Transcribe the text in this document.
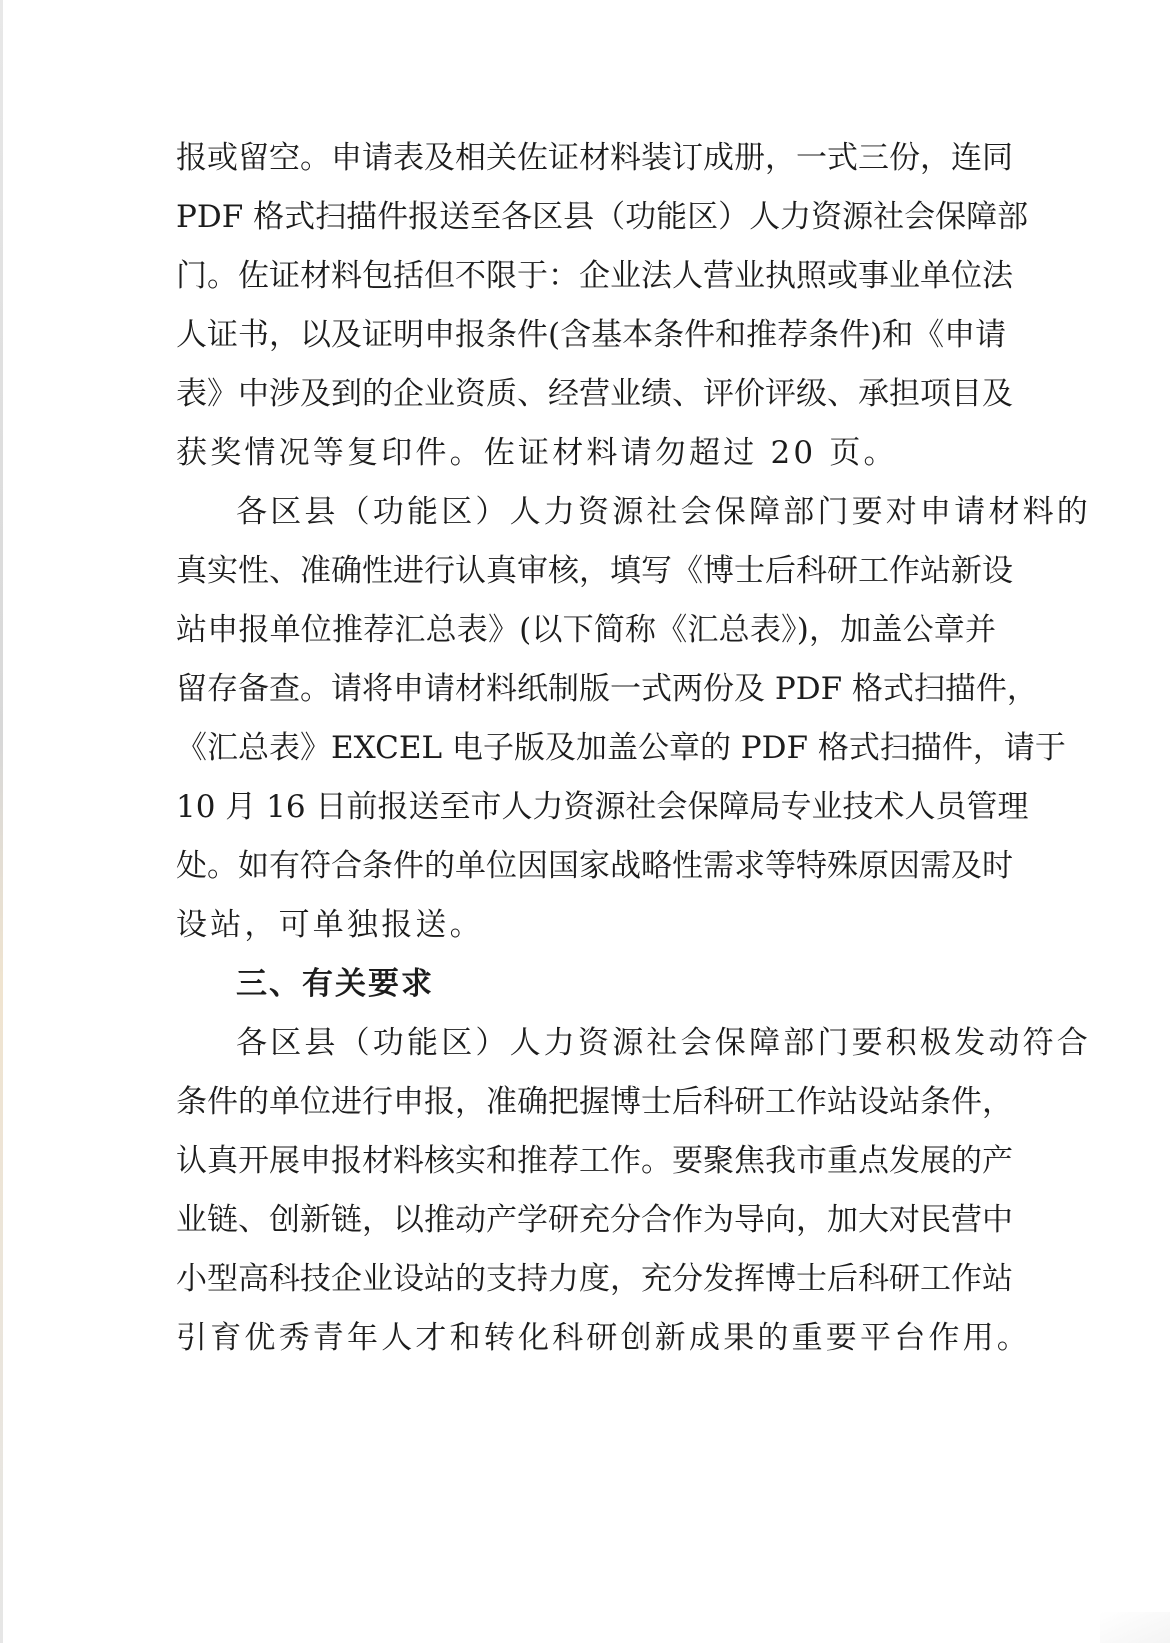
报或留空。申请表及相关佐证材料装订成册，一式三份，连同
PDF 格式扫描件报送至各区县（功能区）人力资源社会保障部
门。佐证材料包括但不限于：企业法人营业执照或事业单位法
人证书，以及证明申报条件(含基本条件和推荐条件)和《申请
表》中涉及到的企业资质、经营业绩、评价评级、承担项目及
获奖情况等复印件。佐证材料请勿超过 20 页。
各区县（功能区）人力资源社会保障部门要对申请材料的
真实性、准确性进行认真审核，填写《博士后科研工作站新设
站申报单位推荐汇总表》(以下简称《汇总表》)，加盖公章并
留存备查。请将申请材料纸制版一式两份及 PDF 格式扫描件，
《汇总表》EXCEL 电子版及加盖公章的 PDF 格式扫描件，请于
10 月 16 日前报送至市人力资源社会保障局专业技术人员管理
处。如有符合条件的单位因国家战略性需求等特殊原因需及时
设站，可单独报送。
三、有关要求
各区县（功能区）人力资源社会保障部门要积极发动符合
条件的单位进行申报，准确把握博士后科研工作站设站条件，
认真开展申报材料核实和推荐工作。要聚焦我市重点发展的产
业链、创新链，以推动产学研充分合作为导向，加大对民营中
小型高科技企业设站的支持力度，充分发挥博士后科研工作站
引育优秀青年人才和转化科研创新成果的重要平台作用。
